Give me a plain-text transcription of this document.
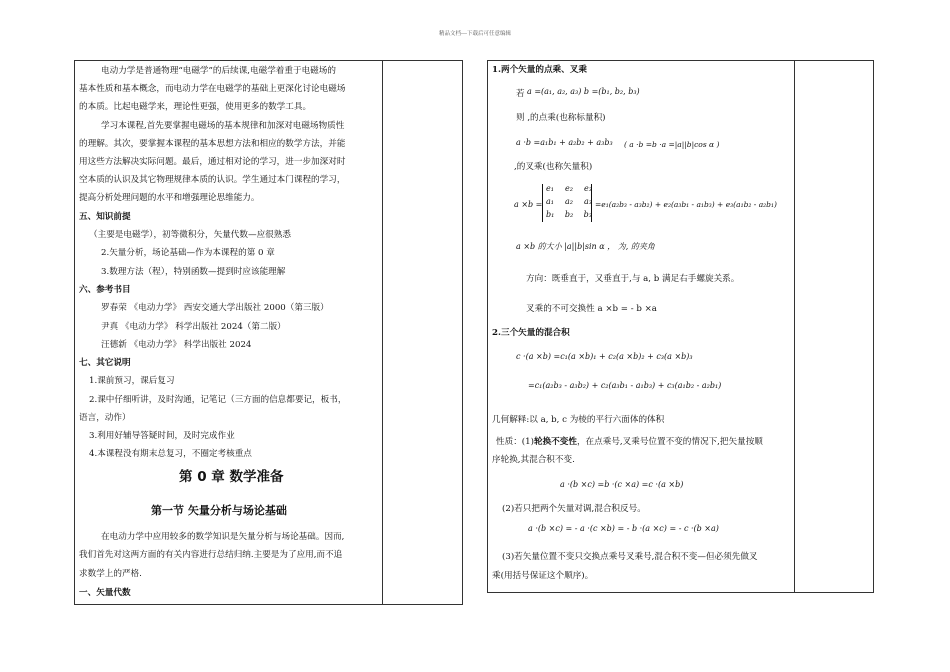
精品文档---下载后可任意编辑
电动力学是普通物理“电磁学”的后续课,电磁学着重于电磁场的
基本性质和基本概念，而电动力学在电磁学的基础上更深化讨论电磁场
的本质。比起电磁学来，理论性更强，使用更多的数学工具。
学习本课程,首先要掌握电磁场的基本规律和加深对电磁场物质性
的理解。其次，要掌握本课程的基本思想方法和相应的数学方法，并能
用这些方法解决实际问题。最后，通过相对论的学习，进一步加深对时
空本质的认识及其它物理规律本质的认识。学生通过本门课程的学习，
提高分析处理问题的水平和增强理论思维能力。
五、知识前提
（主要是电磁学），初等微积分，矢量代数—应很熟悉
2.矢量分析，场论基础—作为本课程的第 0 章
3.数理方法（程），特别函数—提到时应该能理解
六、参考书目
罗春荣 《电动力学》 西安交通大学出版社 2000（第三版）
尹真 《电动力学》 科学出版社 2024（第二版）
汪德新 《电动力学》 科学出版社 2024
七、其它说明
1.课前预习，课后复习
2.课中仔细听讲，及时沟通，记笔记（三方面的信息都要记，板书，
语言，动作）
3.利用好辅导答疑时间，及时完成作业
4.本课程没有期末总复习，不圈定考核重点
第 0 章 数学准备
第一节 矢量分析与场论基础
在电动力学中应用较多的数学知识是矢量分析与场论基础。因而,
我们首先对这两方面的有关内容进行总结归纳.主要是为了应用,而不追
求数学上的严格.
一、矢量代数
1.两个矢量的点乘、叉乘
若 a =(a₁, a₂, a₃) b =(b₁, b₂, b₃)
则 ,的点乘(也称标量积)
a ·b =a₁b₁ + a₂b₂ + a₃b₃ ( a ·b =b ·a =|a||b|cos α )
,的叉乘(也称矢量积)
a ×b =
e₁ e₂ e₃
a₁ a₂ a₃
b₁ b₂ b₃
=e₁(a₂b₃ - a₃b₂) + e₂(a₃b₁ - a₁b₃) + e₃(a₁b₂ - a₂b₁)
a ×b 的大小 |a||b|sin α ， 为, 的夹角
方向：既垂直于，又垂直于,与 a, b 满足右手螺旋关系。
叉乘的不可交换性 a ×b = - b ×a
2.三个矢量的混合积
c ·(a ×b) =c₁(a ×b)₁ + c₂(a ×b)₂ + c₃(a ×b)₃
=c₁(a₂b₃ - a₃b₂) + c₂(a₃b₁ - a₁b₃) + c₃(a₁b₂ - a₂b₁)
几何解释:以 a, b, c 为棱的平行六面体的体积
性质：(1)轮换不变性，在点乘号,叉乘号位置不变的情况下,把矢量按顺
序轮换,其混合积不变.
a ·(b ×c) =b ·(c ×a) =c ·(a ×b)
(2)若只把两个矢量对调,混合积反号。
a ·(b ×c) = - a ·(c ×b) = - b ·(a ×c) = - c ·(b ×a)
(3)若矢量位置不变只交换点乘号叉乘号,混合积不变—但必须先做叉
乘(用括号保证这个顺序)。
